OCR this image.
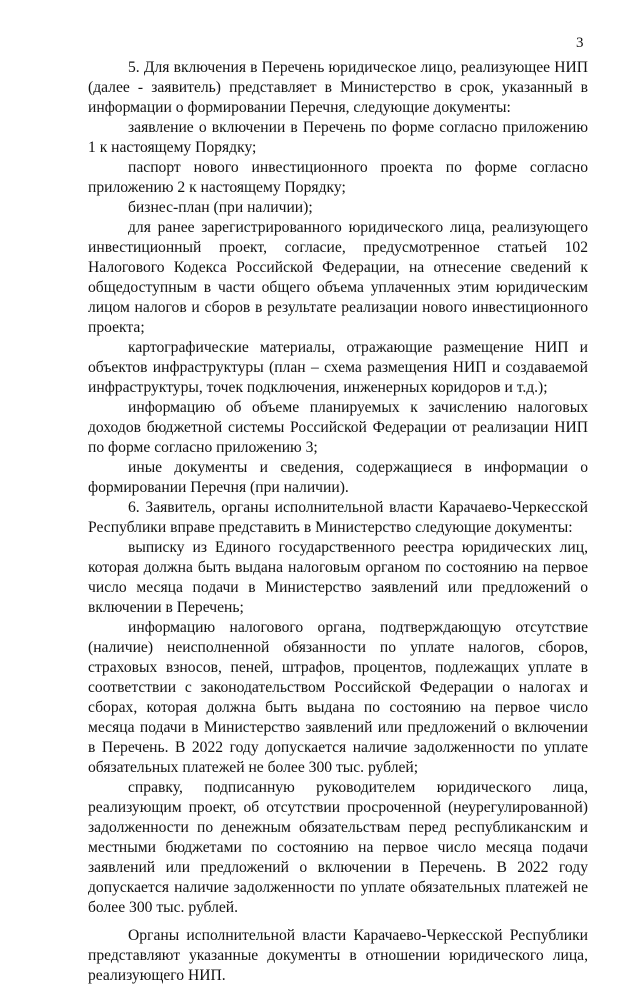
3

5. Для включения в Перечень юридическое лицо, реализующее НИП (далее - заявитель) представляет в Министерство в срок, указанный в информации о формировании Перечня, следующие документы:

заявление о включении в Перечень по форме согласно приложению 1 к настоящему Порядку;

паспорт нового инвестиционного проекта по форме согласно приложению 2 к настоящему Порядку;

бизнес-план (при наличии);

для ранее зарегистрированного юридического лица, реализующего инвестиционный проект, согласие, предусмотренное статьей 102 Налогового Кодекса Российской Федерации, на отнесение сведений к общедоступным в части общего объема уплаченных этим юридическим лицом налогов и сборов в результате реализации нового инвестиционного проекта;

картографические материалы, отражающие размещение НИП и объектов инфраструктуры (план – схема размещения НИП и создаваемой инфраструктуры, точек подключения, инженерных коридоров и т.д.);

информацию об объеме планируемых к зачислению налоговых доходов бюджетной системы Российской Федерации от реализации НИП по форме согласно приложению 3;

иные документы и сведения, содержащиеся в информации о формировании Перечня (при наличии).

6. Заявитель, органы исполнительной власти Карачаево-Черкесской Республики вправе представить в Министерство следующие документы:

выписку из Единого государственного реестра юридических лиц, которая должна быть выдана налоговым органом по состоянию на первое число месяца подачи в Министерство заявлений или предложений о включении в Перечень;

информацию налогового органа, подтверждающую отсутствие (наличие) неисполненной обязанности по уплате налогов, сборов, страховых взносов, пеней, штрафов, процентов, подлежащих уплате в соответствии с законодательством Российской Федерации о налогах и сборах, которая должна быть выдана по состоянию на первое число месяца подачи в Министерство заявлений или предложений о включении в Перечень. В 2022 году допускается наличие задолженности по уплате обязательных платежей не более 300 тыс. рублей;

справку, подписанную руководителем юридического лица, реализующим проект, об отсутствии просроченной (неурегулированной) задолженности по денежным обязательствам перед республиканским и местными бюджетами по состоянию на первое число месяца подачи заявлений или предложений о включении в Перечень. В 2022 году допускается наличие задолженности по уплате обязательных платежей не более 300 тыс. рублей.

Органы исполнительной власти Карачаево-Черкесской Республики представляют указанные документы в отношении юридического лица, реализующего НИП.
